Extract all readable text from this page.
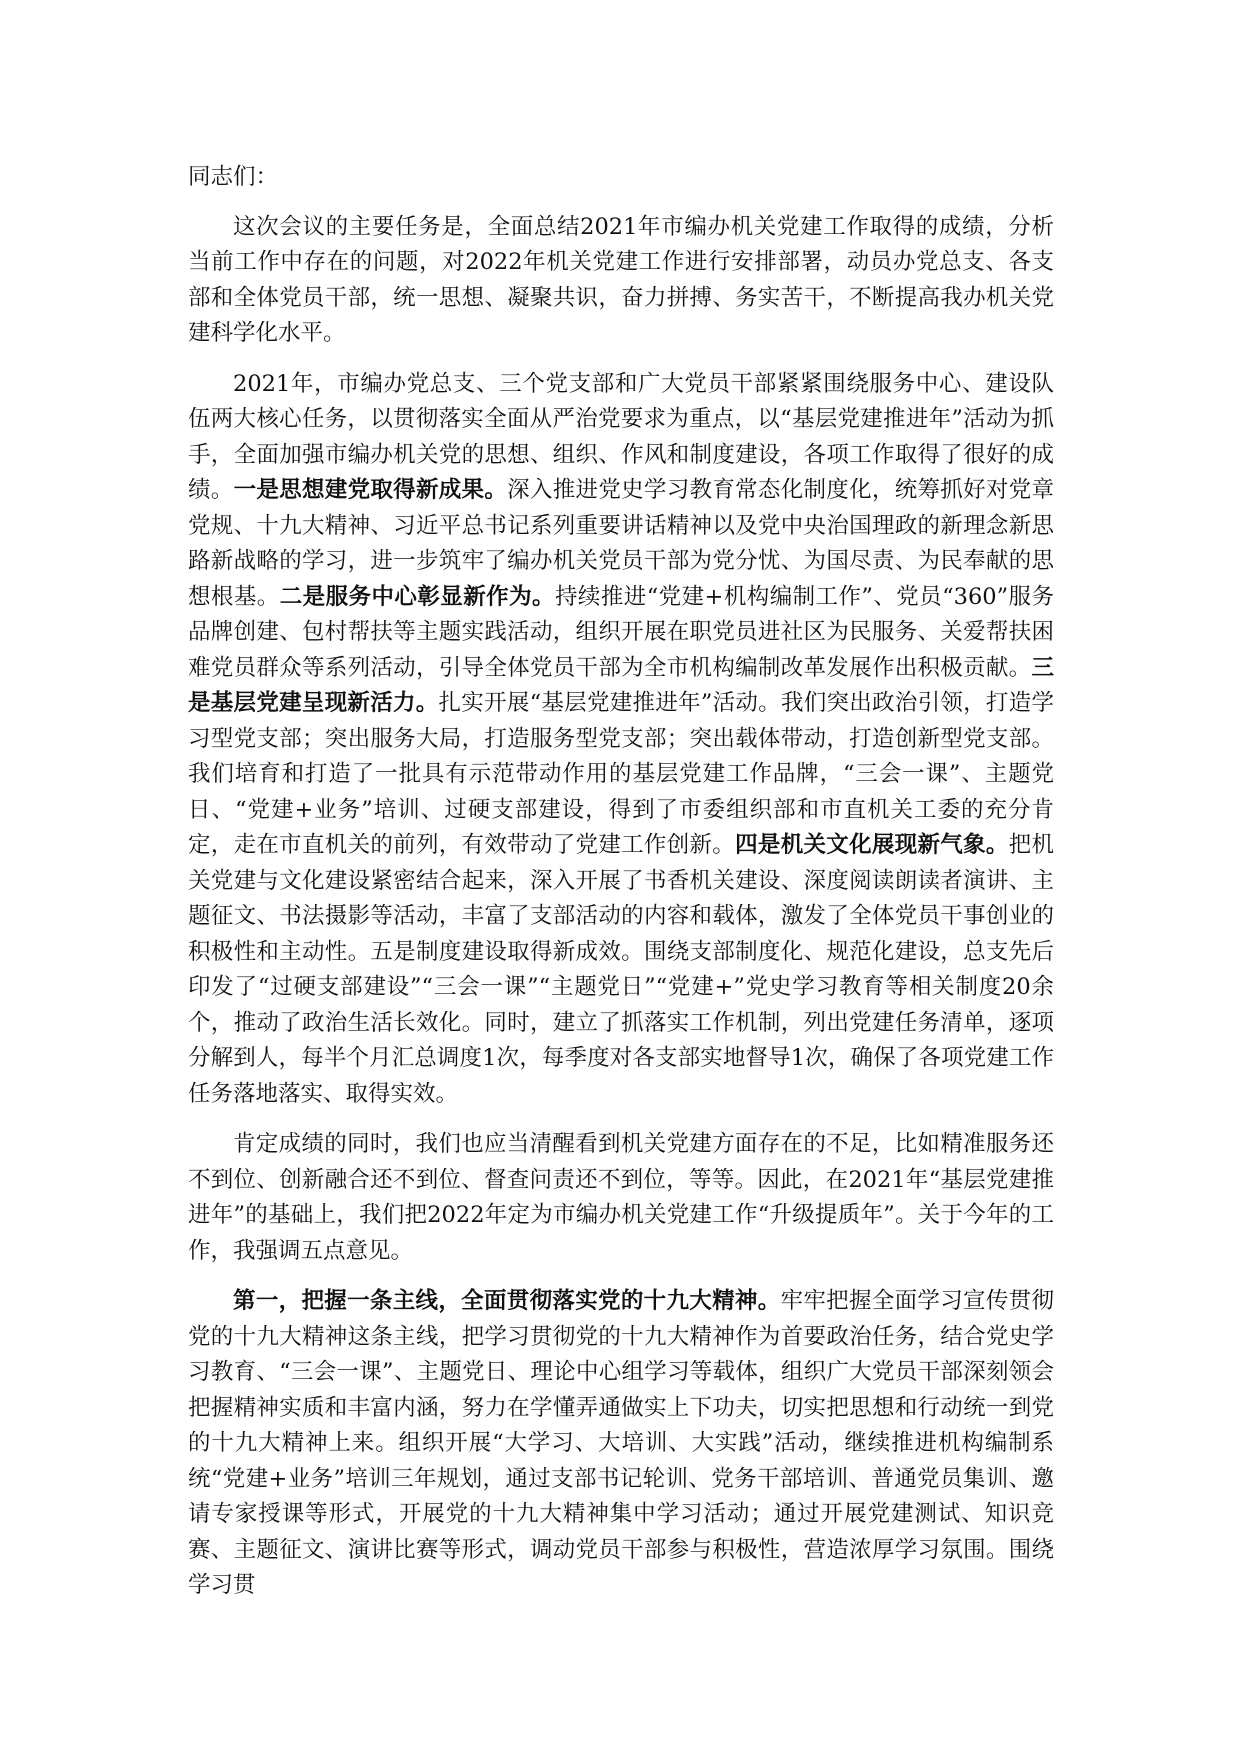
同志们：

这次会议的主要任务是，全面总结2021年市编办机关党建工作取得的成绩，分析当前工作中存在的问题，对2022年机关党建工作进行安排部署，动员办党总支、各支部和全体党员干部，统一思想、凝聚共识，奋力拼搏、务实苦干，不断提高我办机关党建科学化水平。

2021年，市编办党总支、三个党支部和广大党员干部紧紧围绕服务中心、建设队伍两大核心任务，以贯彻落实全面从严治党要求为重点，以“基层党建推进年”活动为抓手，全面加强市编办机关党的思想、组织、作风和制度建设，各项工作取得了很好的成绩。一是思想建党取得新成果。深入推进党史学习教育常态化制度化，统筹抓好对党章党规、十九大精神、习近平总书记系列重要讲话精神以及党中央治国理政的新理念新思路新战略的学习，进一步筑牢了编办机关党员干部为党分忧、为国尽责、为民奉献的思想根基。二是服务中心彰显新作为。持续推进“党建+机构编制工作”、党员“360”服务品牌创建、包村帮扶等主题实践活动，组织开展在职党员进社区为民服务、关爱帮扶困难党员群众等系列活动，引导全体党员干部为全市机构编制改革发展作出积极贡献。三是基层党建呈现新活力。扎实开展“基层党建推进年”活动。我们突出政治引领，打造学习型党支部；突出服务大局，打造服务型党支部；突出载体带动，打造创新型党支部。我们培育和打造了一批具有示范带动作用的基层党建工作品牌，“三会一课”、主题党日、“党建+业务”培训、过硬支部建设，得到了市委组织部和市直机关工委的充分肯定，走在市直机关的前列，有效带动了党建工作创新。四是机关文化展现新气象。把机关党建与文化建设紧密结合起来，深入开展了书香机关建设、深度阅读朗读者演讲、主题征文、书法摄影等活动，丰富了支部活动的内容和载体，激发了全体党员干事创业的积极性和主动性。五是制度建设取得新成效。围绕支部制度化、规范化建设，总支先后印发了“过硬支部建设”“三会一课”“主题党日”“党建+”党史学习教育等相关制度20余个，推动了政治生活长效化。同时，建立了抓落实工作机制，列出党建任务清单，逐项分解到人，每半个月汇总调度1次，每季度对各支部实地督导1次，确保了各项党建工作任务落地落实、取得实效。

肯定成绩的同时，我们也应当清醒看到机关党建方面存在的不足，比如精准服务还不到位、创新融合还不到位、督查问责还不到位，等等。因此，在2021年“基层党建推进年”的基础上，我们把2022年定为市编办机关党建工作“升级提质年”。关于今年的工作，我强调五点意见。

第一，把握一条主线，全面贯彻落实党的十九大精神。牢牢把握全面学习宣传贯彻党的十九大精神这条主线，把学习贯彻党的十九大精神作为首要政治任务，结合党史学习教育、“三会一课”、主题党日、理论中心组学习等载体，组织广大党员干部深刻领会把握精神实质和丰富内涵，努力在学懂弄通做实上下功夫，切实把思想和行动统一到党的十九大精神上来。组织开展“大学习、大培训、大实践”活动，继续推进机构编制系统“党建+业务”培训三年规划，通过支部书记轮训、党务干部培训、普通党员集训、邀请专家授课等形式，开展党的十九大精神集中学习活动；通过开展党建测试、知识竞赛、主题征文、演讲比赛等形式，调动党员干部参与积极性，营造浓厚学习氛围。围绕学习贯
